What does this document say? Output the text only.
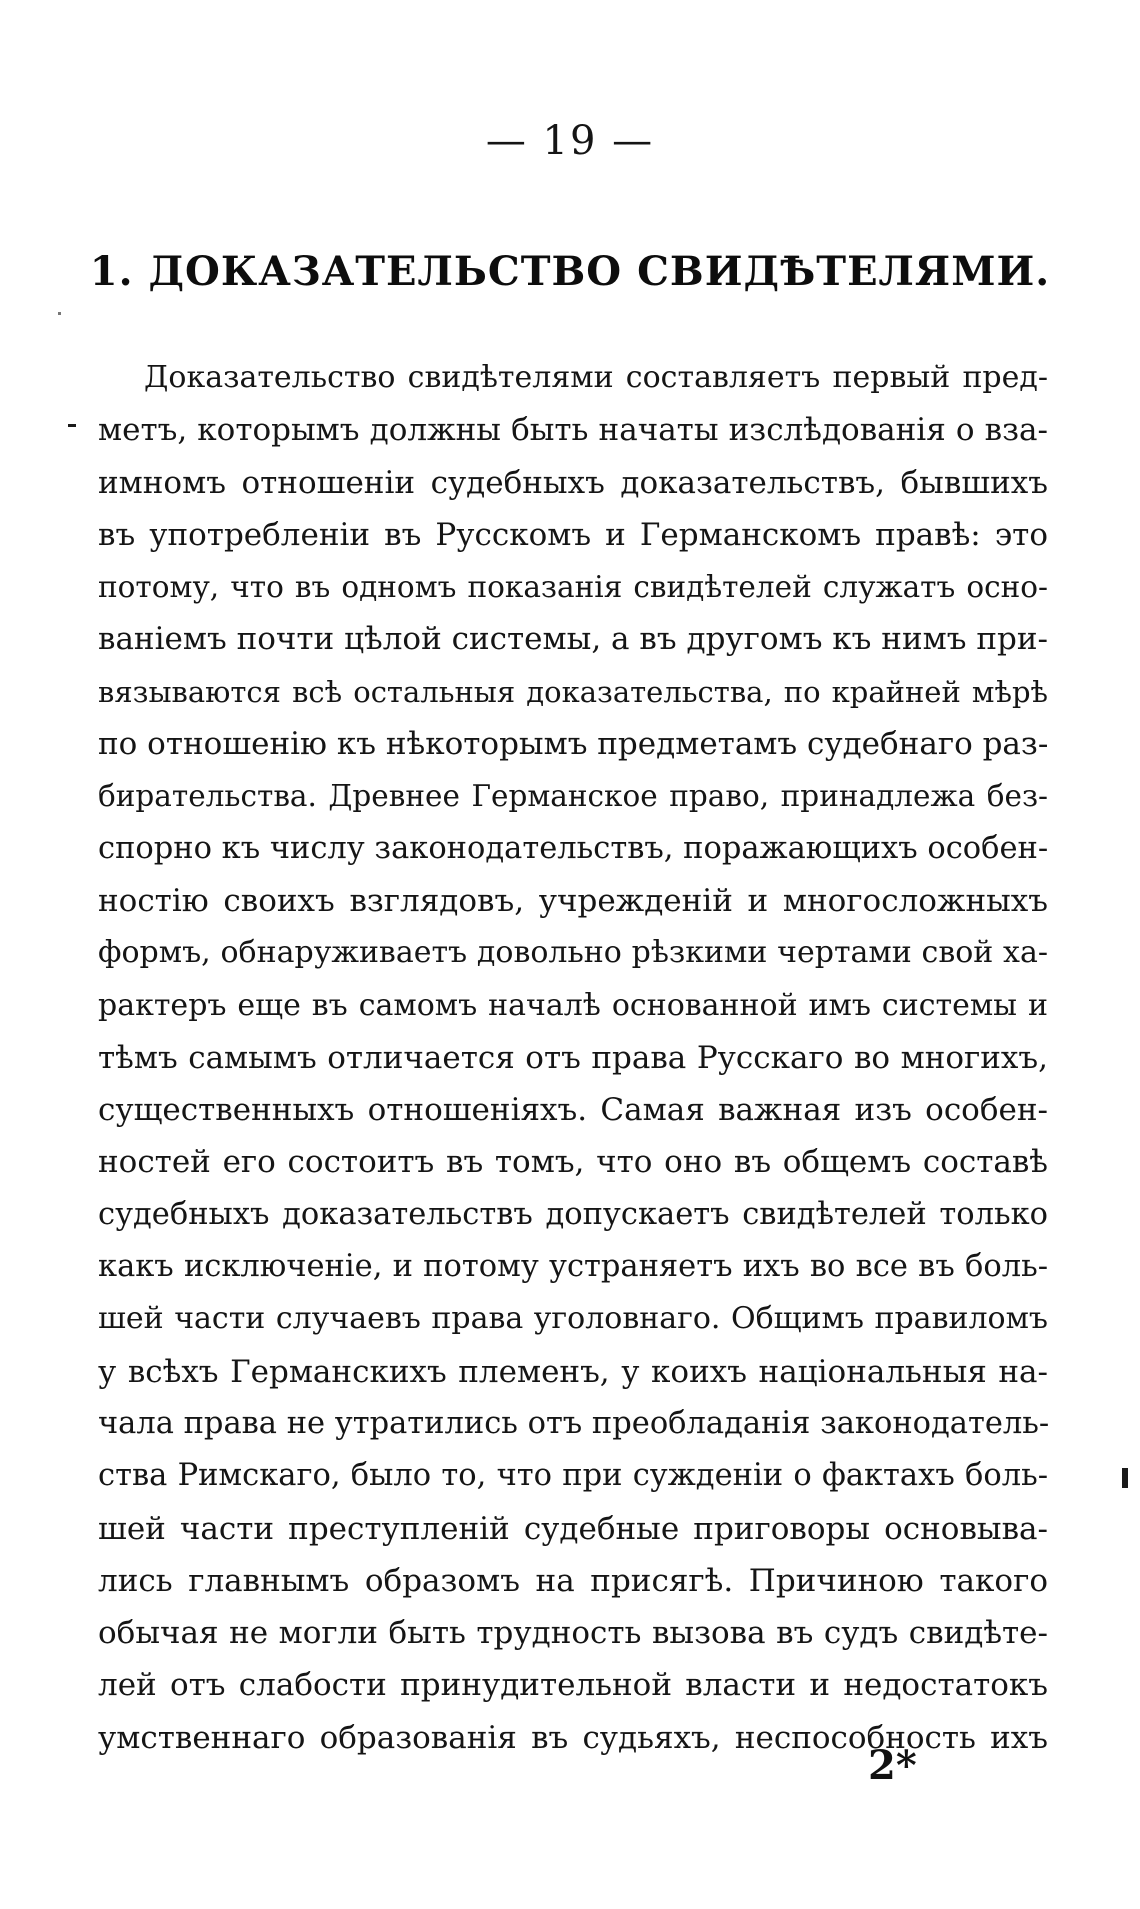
— 19 —
1. ДОКАЗАТЕЛЬСТВО СВИДѢТЕЛЯМИ.
Доказательство свидѣтелями составляетъ первый пред-
метъ, которымъ должны быть начаты изслѣдованія о вза-
имномъ отношеніи судебныхъ доказательствъ, бывшихъ
въ употребленіи въ Русскомъ и Германскомъ правѣ: это
потому, что въ одномъ показанія свидѣтелей служатъ осно-
ваніемъ почти цѣлой системы, а въ другомъ къ нимъ при-
вязываются всѣ остальныя доказательства, по крайней мѣрѣ
по отношенію къ нѣкоторымъ предметамъ судебнаго раз-
бирательства. Древнее Германское право, принадлежа без-
спорно къ числу законодательствъ, поражающихъ особен-
ностію своихъ взглядовъ, учрежденій и многосложныхъ
формъ, обнаруживаетъ довольно рѣзкими чертами свой ха-
рактеръ еще въ самомъ началѣ основанной имъ системы и
тѣмъ самымъ отличается отъ права Русскаго во многихъ,
существенныхъ отношеніяхъ. Самая важная изъ особен-
ностей его состоитъ въ томъ, что оно въ общемъ составѣ
судебныхъ доказательствъ допускаетъ свидѣтелей только
какъ исключеніе, и потому устраняетъ ихъ во все въ боль-
шей части случаевъ права уголовнаго. Общимъ правиломъ
у всѣхъ Германскихъ племенъ, у коихъ національныя на-
чала права не утратились отъ преобладанія законодатель-
ства Римскаго, было то, что при сужденіи о фактахъ боль-
шей части преступленій судебные приговоры основыва-
лись главнымъ образомъ на присягѣ. Причиною такого
обычая не могли быть трудность вызова въ судъ свидѣте-
лей отъ слабости принудительной власти и недостатокъ
умственнаго образованія въ судьяхъ, неспособность ихъ
2*
